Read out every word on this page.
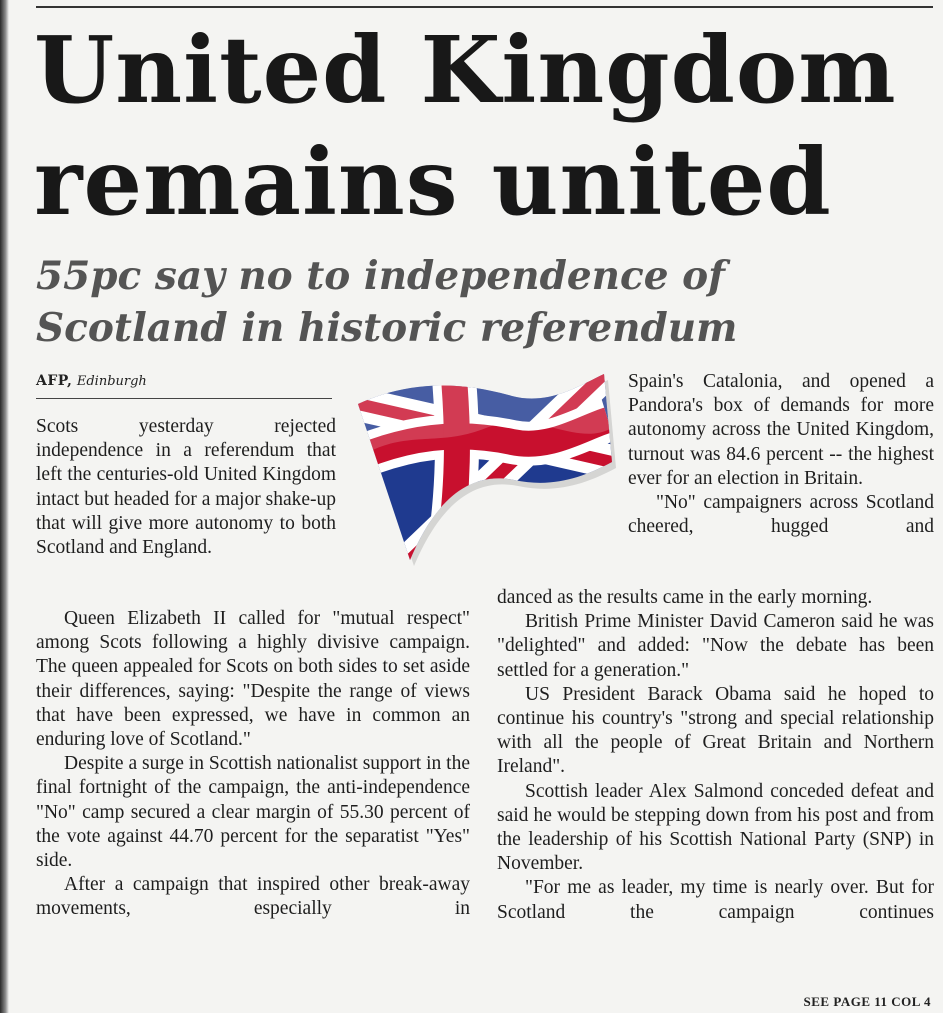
United Kingdom
remains united
55pc say no to independence of
Scotland in historic referendum
AFP, Edinburgh

Scots yesterday rejected independence in a referendum that left the centuries-old United Kingdom intact but headed for a major shake-up that will give more autonomy to both Scotland and England.

Queen Elizabeth II called for "mutual respect" among Scots following a highly divisive campaign. The queen appealed for Scots on both sides to set aside their differences, saying: "Despite the range of views that have been expressed, we have in common an enduring love of Scotland."

Despite a surge in Scottish nationalist support in the final fortnight of the campaign, the anti-independence "No" camp secured a clear margin of 55.30 percent of the vote against 44.70 percent for the separatist "Yes" side.

After a campaign that inspired other break-away movements, especially in

Spain's Catalonia, and opened a Pandora's box of demands for more autonomy across the United Kingdom, turnout was 84.6 percent -- the highest ever for an election in Britain.

"No" campaigners across Scotland cheered, hugged and

danced as the results came in the early morning.

British Prime Minister David Cameron said he was "delighted" and added: "Now the debate has been settled for a generation."

US President Barack Obama said he hoped to continue his country's "strong and special relationship with all the people of Great Britain and Northern Ireland".

Scottish leader Alex Salmond conceded defeat and said he would be stepping down from his post and from the leadership of his Scottish National Party (SNP) in November.

"For me as leader, my time is nearly over. But for Scotland the campaign continues

SEE PAGE 11 COL 4
